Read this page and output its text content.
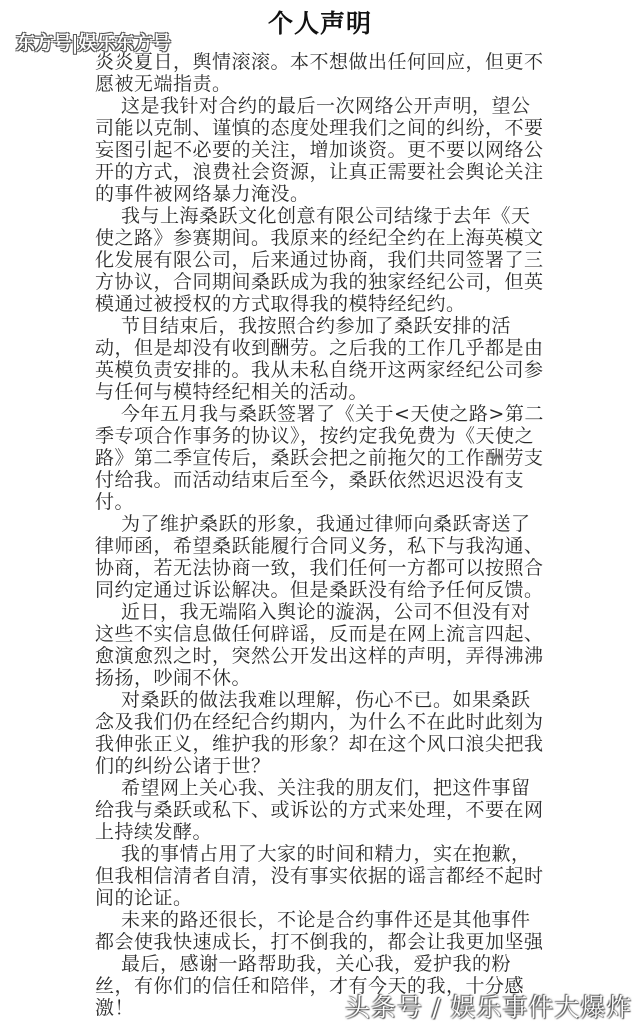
个人声明
东方号|娱乐东方号
炎炎夏日，舆情滚滚。本不想做出任何回应，但更不
愿被无端指责。
这是我针对合约的最后一次网络公开声明，望公
司能以克制、谨慎的态度处理我们之间的纠纷，不要
妄图引起不必要的关注，增加谈资。更不要以网络公
开的方式，浪费社会资源，让真正需要社会舆论关注
的事件被网络暴力淹没。
我与上海桑跃文化创意有限公司结缘于去年《天
使之路》参赛期间。我原来的经纪全约在上海英模文
化发展有限公司，后来通过协商，我们共同签署了三
方协议，合同期间桑跃成为我的独家经纪公司，但英
模通过被授权的方式取得我的模特经纪约。
节目结束后，我按照合约参加了桑跃安排的活
动，但是却没有收到酬劳。之后我的工作几乎都是由
英模负责安排的。我从未私自绕开这两家经纪公司参
与任何与模特经纪相关的活动。
今年五月我与桑跃签署了《关于<天使之路>第二
季专项合作事务的协议》，按约定我免费为《天使之
路》第二季宣传后，桑跃会把之前拖欠的工作酬劳支
付给我。而活动结束后至今，桑跃依然迟迟没有支
付。
为了维护桑跃的形象，我通过律师向桑跃寄送了
律师函，希望桑跃能履行合同义务，私下与我沟通、
协商，若无法协商一致，我们任何一方都可以按照合
同约定通过诉讼解决。但是桑跃没有给予任何反馈。
近日，我无端陷入舆论的漩涡，公司不但没有对
这些不实信息做任何辟谣，反而是在网上流言四起、
愈演愈烈之时，突然公开发出这样的声明，弄得沸沸
扬扬，吵闹不休。
对桑跃的做法我难以理解，伤心不已。如果桑跃
念及我们仍在经纪合约期内，为什么不在此时此刻为
我伸张正义，维护我的形象？却在这个风口浪尖把我
们的纠纷公诸于世？
希望网上关心我、关注我的朋友们，把这件事留
给我与桑跃或私下、或诉讼的方式来处理，不要在网
上持续发酵。
我的事情占用了大家的时间和精力，实在抱歉，
但我相信清者自清，没有事实依据的谣言都经不起时
间的论证。
未来的路还很长，不论是合约事件还是其他事件
都会使我快速成长，打不倒我的，都会让我更加坚强
最后，感谢一路帮助我，关心我，爱护我的粉
丝，有你们的信任和陪伴，才有今天的我，十分感
激！	头条号 / 娱乐事件大爆炸
